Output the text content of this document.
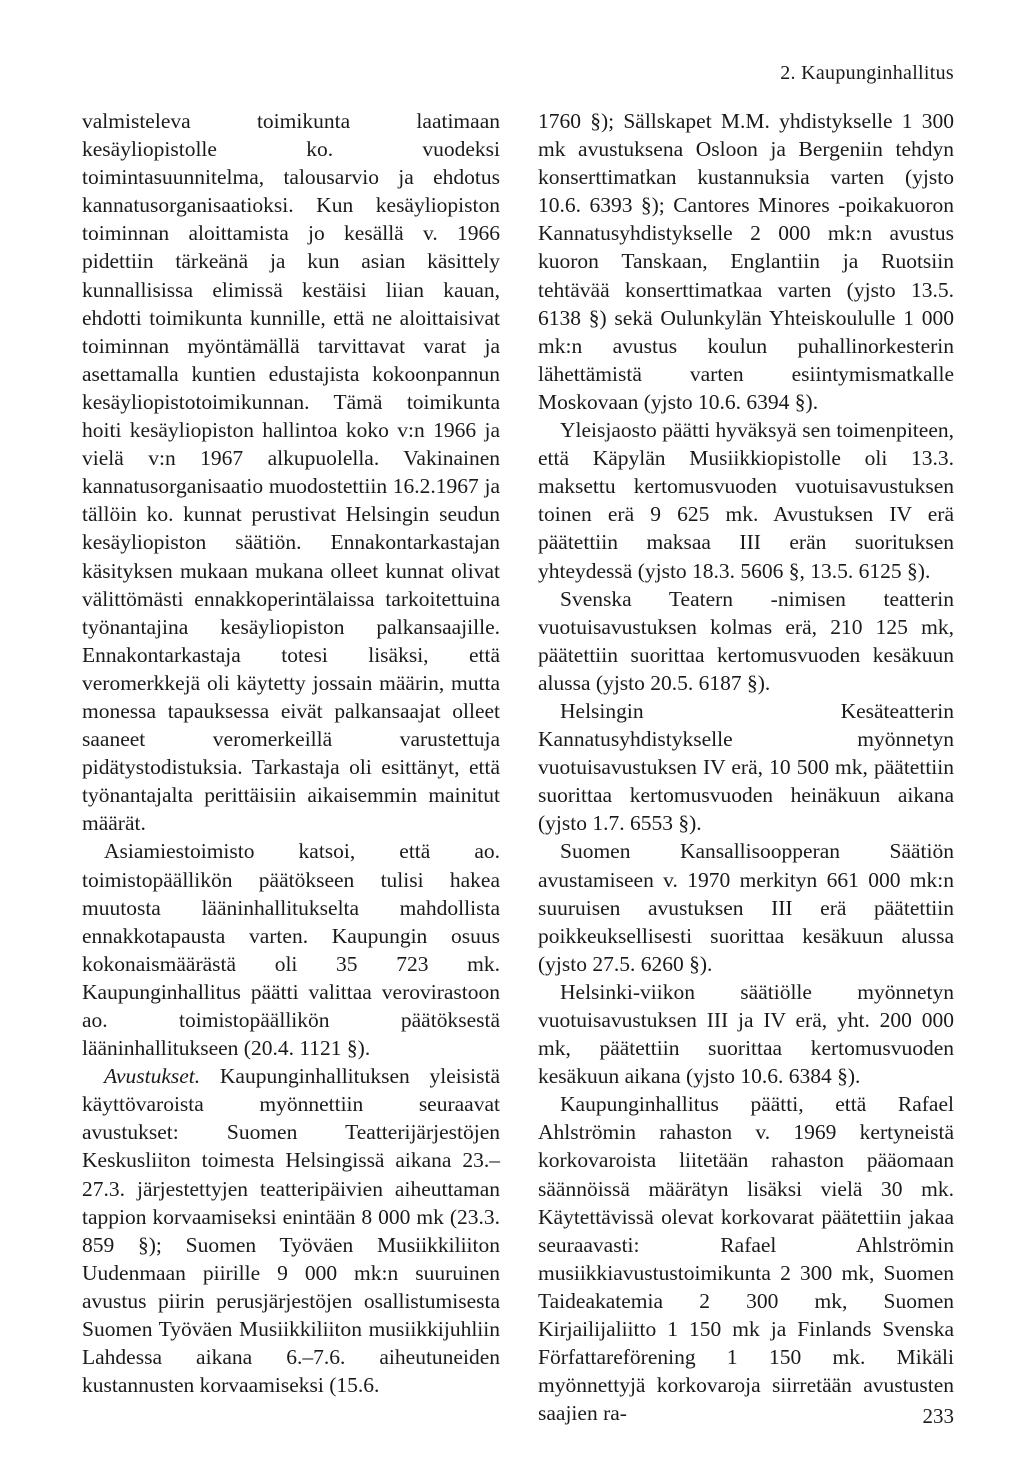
2. Kaupunginhallitus

valmisteleva toimikunta laatimaan kesäyliopistolle ko. vuodeksi toimintasuunnitelma, talousarvio ja ehdotus kannatusorganisaatioksi. Kun kesäyliopiston toiminnan aloittamista jo kesällä v. 1966 pidettiin tärkeänä ja kun asian käsittely kunnallisissa elimissä kestäisi liian kauan, ehdotti toimikunta kunnille, että ne aloittaisivat toiminnan myöntämällä tarvittavat varat ja asettamalla kuntien edustajista kokoonpannun kesäyliopistotoimikunnan. Tämä toimikunta hoiti kesäyliopiston hallintoa koko v:n 1966 ja vielä v:n 1967 alkupuolella. Vakinainen kannatusorganisaatio muodostettiin 16.2.1967 ja tällöin ko. kunnat perustivat Helsingin seudun kesäyliopiston säätiön. Ennakontarkastajan käsityksen mukaan mukana olleet kunnat olivat välittömästi ennakkoperintälaissa tarkoitettuina työnantajina kesäyliopiston palkansaajille. Ennakontarkastaja totesi lisäksi, että veromerkkejä oli käytetty jossain määrin, mutta monessa tapauksessa eivät palkansaajat olleet saaneet veromerkeillä varustettuja pidätystodistuksia. Tarkastaja oli esittänyt, että työnantajalta perittäisiin aikaisemmin mainitut määrät.

Asiamiestoimisto katsoi, että ao. toimistopäällikön päätökseen tulisi hakea muutosta lääninhallitukselta mahdollista ennakkotapausta varten. Kaupungin osuus kokonaismäärästä oli 35 723 mk. Kaupunginhallitus päätti valittaa verovirastoon ao. toimistopäällikön päätöksestä lääninhallitukseen (20.4. 1121 §).

Avustukset. Kaupunginhallituksen yleisistä käyttövaroista myönnettiin seuraavat avustukset: Suomen Teatterijärjestöjen Keskusliiton toimesta Helsingissä aikana 23.–27.3. järjestettyjen teatteripäivien aiheuttaman tappion korvaamiseksi enintään 8 000 mk (23.3. 859 §); Suomen Työväen Musiikkiliiton Uudenmaan piirille 9 000 mk:n suuruinen avustus piirin perusjärjestöjen osallistumisesta Suomen Työväen Musiikkiliiton musiikkijuhliin Lahdessa aikana 6.–7.6. aiheutuneiden kustannusten korvaamiseksi (15.6.

1760 §); Sällskapet M.M. yhdistykselle 1 300 mk avustuksena Osloon ja Bergeniin tehdyn konserttimatkan kustannuksia varten (yjsto 10.6. 6393 §); Cantores Minores -poikakuoron Kannatusyhdistykselle 2 000 mk:n avustus kuoron Tanskaan, Englantiin ja Ruotsiin tehtävää konserttimatkaa varten (yjsto 13.5. 6138 §) sekä Oulunkylän Yhteiskoululle 1 000 mk:n avustus koulun puhallinorkesterin lähettämistä varten esiintymismatkalle Moskovaan (yjsto 10.6. 6394 §).

Yleisjaosto päätti hyväksyä sen toimenpiteen, että Käpylän Musiikkiopistolle oli 13.3. maksettu kertomusvuoden vuotuisavustuksen toinen erä 9 625 mk. Avustuksen IV erä päätettiin maksaa III erän suorituksen yhteydessä (yjsto 18.3. 5606 §, 13.5. 6125 §).

Svenska Teatern -nimisen teatterin vuotuisavustuksen kolmas erä, 210 125 mk, päätettiin suorittaa kertomusvuoden kesäkuun alussa (yjsto 20.5. 6187 §).

Helsingin Kesäteatterin Kannatusyhdistykselle myönnetyn vuotuisavustuksen IV erä, 10 500 mk, päätettiin suorittaa kertomusvuoden heinäkuun aikana (yjsto 1.7. 6553 §).

Suomen Kansallisoopperan Säätiön avustamiseen v. 1970 merkityn 661 000 mk:n suuruisen avustuksen III erä päätettiin poikkeuksellisesti suorittaa kesäkuun alussa (yjsto 27.5. 6260 §).

Helsinki-viikon säätiölle myönnetyn vuotuisavustuksen III ja IV erä, yht. 200 000 mk, päätettiin suorittaa kertomusvuoden kesäkuun aikana (yjsto 10.6. 6384 §).

Kaupunginhallitus päätti, että Rafael Ahlströmin rahaston v. 1969 kertyneistä korkovaroista liitetään rahaston pääomaan säännöissä määrätyn lisäksi vielä 30 mk. Käytettävissä olevat korkovarat päätettiin jakaa seuraavasti: Rafael Ahlströmin musiikkiavustustoimikunta 2 300 mk, Suomen Taideakatemia 2 300 mk, Suomen Kirjailijaliitto 1 150 mk ja Finlands Svenska Författareförening 1 150 mk. Mikäli myönnettyjä korkovaroja siirretään avustusten saajien ra-	233
